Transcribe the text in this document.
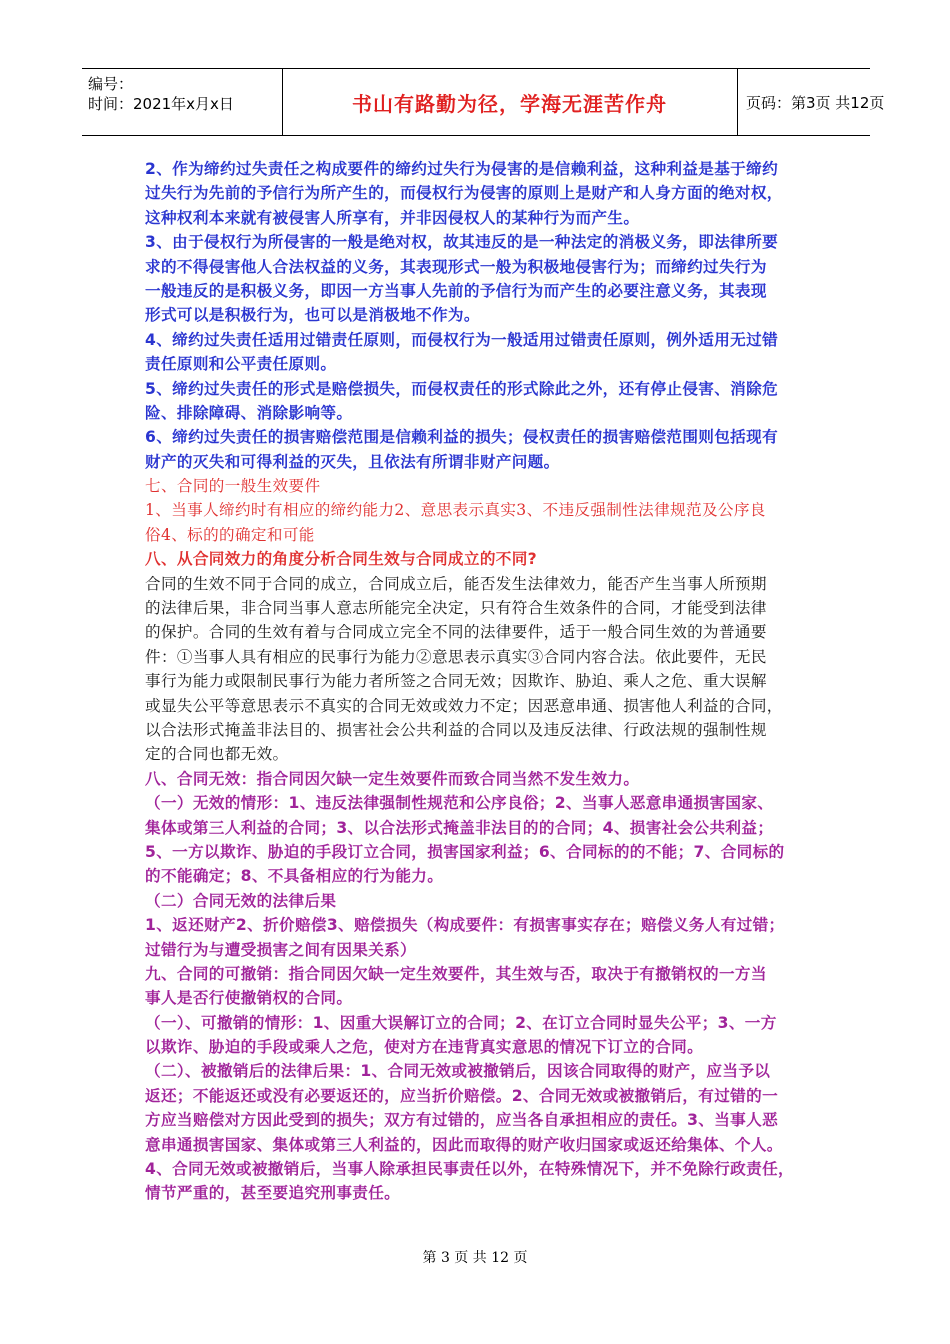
编号：
时间：2021年x月x日	书山有路勤为径，学海无涯苦作舟	页码：第3页 共12页
2、作为缔约过失责任之构成要件的缔约过失行为侵害的是信赖利益，这种利益是基于缔约
过失行为先前的予信行为所产生的，而侵权行为侵害的原则上是财产和人身方面的绝对权，
这种权利本来就有被侵害人所享有，并非因侵权人的某种行为而产生。
3、由于侵权行为所侵害的一般是绝对权，故其违反的是一种法定的消极义务，即法律所要
求的不得侵害他人合法权益的义务，其表现形式一般为积极地侵害行为；而缔约过失行为
一般违反的是积极义务，即因一方当事人先前的予信行为而产生的必要注意义务，其表现
形式可以是积极行为，也可以是消极地不作为。
4、缔约过失责任适用过错责任原则，而侵权行为一般适用过错责任原则，例外适用无过错
责任原则和公平责任原则。
5、缔约过失责任的形式是赔偿损失，而侵权责任的形式除此之外，还有停止侵害、消除危
险、排除障碍、消除影响等。
6、缔约过失责任的损害赔偿范围是信赖利益的损失；侵权责任的损害赔偿范围则包括现有
财产的灭失和可得利益的灭失，且依法有所谓非财产问题。
七、合同的一般生效要件
1、当事人缔约时有相应的缔约能力2、意思表示真实3、不违反强制性法律规范及公序良
俗4、标的的确定和可能
八、从合同效力的角度分析合同生效与合同成立的不同?
合同的生效不同于合同的成立，合同成立后，能否发生法律效力，能否产生当事人所预期
的法律后果，非合同当事人意志所能完全决定，只有符合生效条件的合同，才能受到法律
的保护。合同的生效有着与合同成立完全不同的法律要件，适于一般合同生效的为普通要
件：①当事人具有相应的民事行为能力②意思表示真实③合同内容合法。依此要件，无民
事行为能力或限制民事行为能力者所签之合同无效；因欺诈、胁迫、乘人之危、重大误解
或显失公平等意思表示不真实的合同无效或效力不定；因恶意串通、损害他人利益的合同，
以合法形式掩盖非法目的、损害社会公共利益的合同以及违反法律、行政法规的强制性规
定的合同也都无效。
八、合同无效：指合同因欠缺一定生效要件而致合同当然不发生效力。
（一）无效的情形：1、违反法律强制性规范和公序良俗；2、当事人恶意串通损害国家、
集体或第三人利益的合同；3、以合法形式掩盖非法目的的合同；4、损害社会公共利益；
5、一方以欺诈、胁迫的手段订立合同，损害国家利益；6、合同标的的不能；7、合同标的
的不能确定；8、不具备相应的行为能力。
（二）合同无效的法律后果
1、返还财产2、折价赔偿3、赔偿损失（构成要件：有损害事实存在；赔偿义务人有过错；
过错行为与遭受损害之间有因果关系）
九、合同的可撤销：指合同因欠缺一定生效要件，其生效与否，取决于有撤销权的一方当
事人是否行使撤销权的合同。
（一）、可撤销的情形：1、因重大误解订立的合同；2、在订立合同时显失公平；3、一方
以欺诈、胁迫的手段或乘人之危，使对方在违背真实意思的情况下订立的合同。
（二）、被撤销后的法律后果：1、合同无效或被撤销后，因该合同取得的财产，应当予以
返还；不能返还或没有必要返还的，应当折价赔偿。2、合同无效或被撤销后，有过错的一
方应当赔偿对方因此受到的损失；双方有过错的，应当各自承担相应的责任。3、当事人恶
意串通损害国家、集体或第三人利益的，因此而取得的财产收归国家或返还给集体、个人。
4、合同无效或被撤销后，当事人除承担民事责任以外，在特殊情况下，并不免除行政责任，
情节严重的，甚至要追究刑事责任。
第 3 页 共 12 页
